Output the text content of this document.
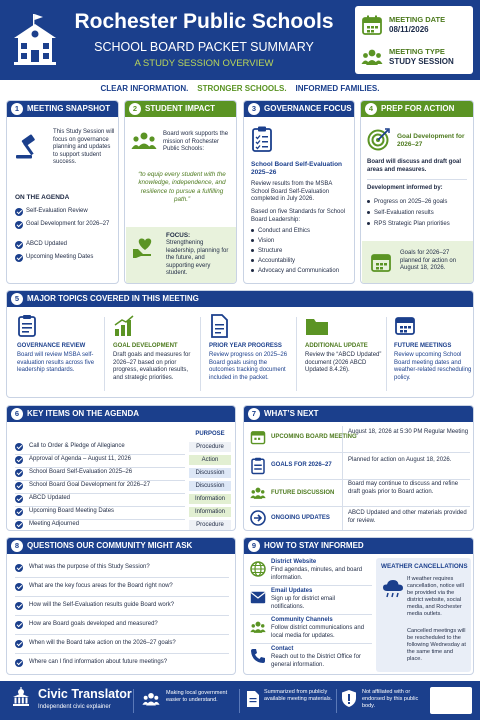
Rochester Public Schools
SCHOOL BOARD PACKET SUMMARY
A STUDY SESSION OVERVIEW
MEETING DATE
08/11/2026
MEETING TYPE
STUDY SESSION
CLEAR INFORMATION. STRONGER SCHOOLS. INFORMED FAMILIES.
1 MEETING SNAPSHOT
This Study Session will focus on governance planning and updates to support student success.
ON THE AGENDA
Self-Evaluation Review
Goal Development for 2026–27
ABCD Updated
Upcoming Meeting Dates
2 STUDENT IMPACT
Board work supports the mission of Rochester Public Schools:
“to equip every student with the knowledge, independence, and resilience to pursue a fulfilling path.”
FOCUS:
Strengthening leadership, planning for the future, and supporting every student.
3 GOVERNANCE FOCUS
School Board Self-Evaluation 2025–26
Review results from the MSBA School Board Self-Evaluation completed in July 2026.
Based on five Standards for School Board Leadership:
Conduct and Ethics
Vision
Structure
Accountability
Advocacy and Communication
4 PREP FOR ACTION
Goal Development for 2026–27
Board will discuss and draft goal areas and measures.
Development informed by:
Progress on 2025–26 goals
Self-Evaluation results
RPS Strategic Plan priorities
Goals for 2026–27 planned for action on August 18, 2026.
5 MAJOR TOPICS COVERED IN THIS MEETING
GOVERNANCE REVIEW
Board will review MSBA self-evaluation results across five leadership standards.
GOAL DEVELOPMENT
Draft goals and measures for 2026–27 based on prior progress, evaluation results, and strategic priorities.
PRIOR YEAR PROGRESS
Review progress on 2025–26 Board goals using the outcomes tracking document included in the packet.
ADDITIONAL UPDATE
Review the “ABCD Updated” document (2026 ABCD Updated 8.4.26).
FUTURE MEETINGS
Review upcoming School Board meeting dates and weather-related rescheduling policy.
6 KEY ITEMS ON THE AGENDA
PURPOSE
Call to Order & Pledge of Allegiance	Procedure
Approval of Agenda – August 11, 2026	Action
School Board Self-Evaluation 2025–26	Discussion
School Board Goal Development for 2026–27	Discussion
ABCD Updated	Information
Upcoming Board Meeting Dates	Information
Meeting Adjourned	Procedure
7 WHAT’S NEXT
UPCOMING BOARD MEETING
August 18, 2026 at 5:30 PM Regular Meeting
GOALS FOR 2026–27
Planned for action on August 18, 2026.
FUTURE DISCUSSION
Board may continue to discuss and refine draft goals prior to Board action.
ONGOING UPDATES
ABCD Updated and other materials provided for review.
8 QUESTIONS OUR COMMUNITY MIGHT ASK
What was the purpose of this Study Session?
What are the key focus areas for the Board right now?
How will the Self-Evaluation results guide Board work?
How are Board goals developed and measured?
When will the Board take action on the 2026–27 goals?
Where can I find information about future meetings?
9 HOW TO STAY INFORMED
District Website
Find agendas, minutes, and board information.
Email Updates
Sign up for district email notifications.
Community Channels
Follow district communications and local media for updates.
Contact
Reach out to the District Office for general information.
WEATHER CANCELLATIONS
If weather requires cancellation, notice will be provided via the district website, social media, and Rochester media outlets.
Cancelled meetings will be rescheduled to the following Wednesday at the same time and place.
Civic Translator
Independent civic explainer
Making local government easier to understand.
Summarized from publicly available meeting materials.
Not affiliated with or endorsed by this public body.
